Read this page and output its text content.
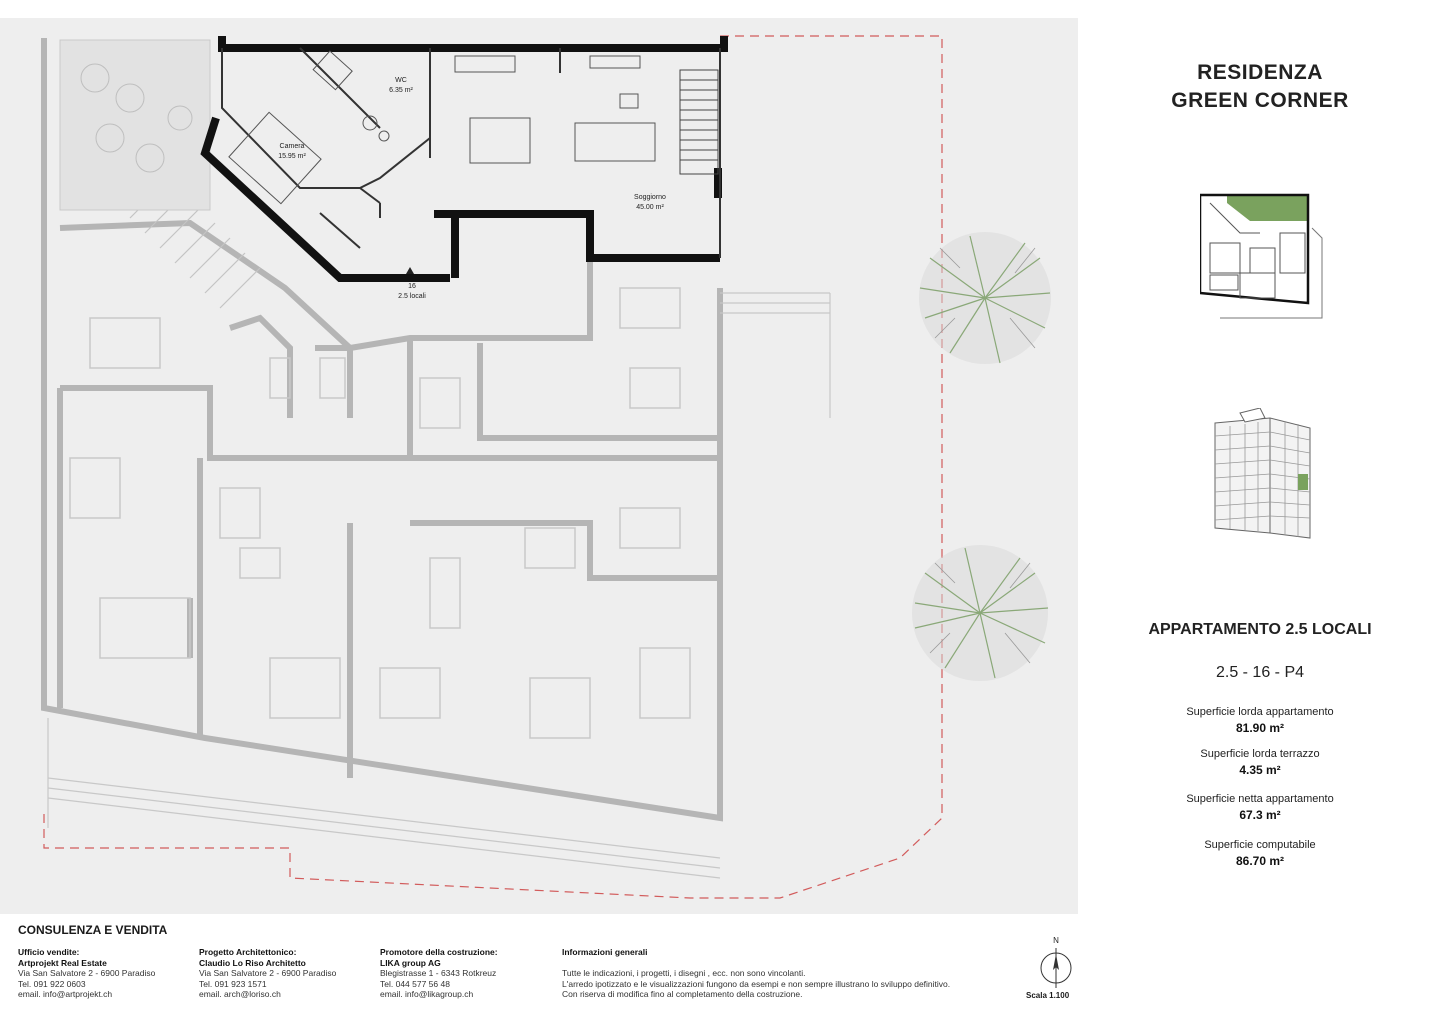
WC
6.35 m²
Camera
15.95 m²
Soggiorno
45.00 m²
16
2.5 locali
RESIDENZA
GREEN CORNER
APPARTAMENTO 2.5 LOCALI
2.5 - 16 - P4
Superficie lorda appartamento
81.90 m²
Superficie lorda terrazzo
4.35 m²
Superficie netta appartamento
67.3 m²
Superficie computabile
86.70 m²
CONSULENZA E VENDITA
Ufficio vendite:
Artprojekt Real Estate
Via San Salvatore 2 - 6900 Paradiso
Tel. 091 922 0603
email. info@artprojekt.ch
Progetto Architettonico:
Claudio Lo Riso Architetto
Via San Salvatore 2 - 6900 Paradiso
Tel. 091 923 1571
email. arch@loriso.ch
Promotore della costruzione:
LIKA group AG
Blegistrasse 1 - 6343 Rotkreuz
Tel. 044 577 56 48
email. info@likagroup.ch
Informazioni generali
Tutte le indicazioni, i progetti, i disegni , ecc. non sono vincolanti.
L'arredo ipotizzato e le visualizzazioni fungono da esempi e non sempre illustrano lo sviluppo definitivo.
Con riserva di modifica fino al completamento della costruzione.
N
Scala 1.100
